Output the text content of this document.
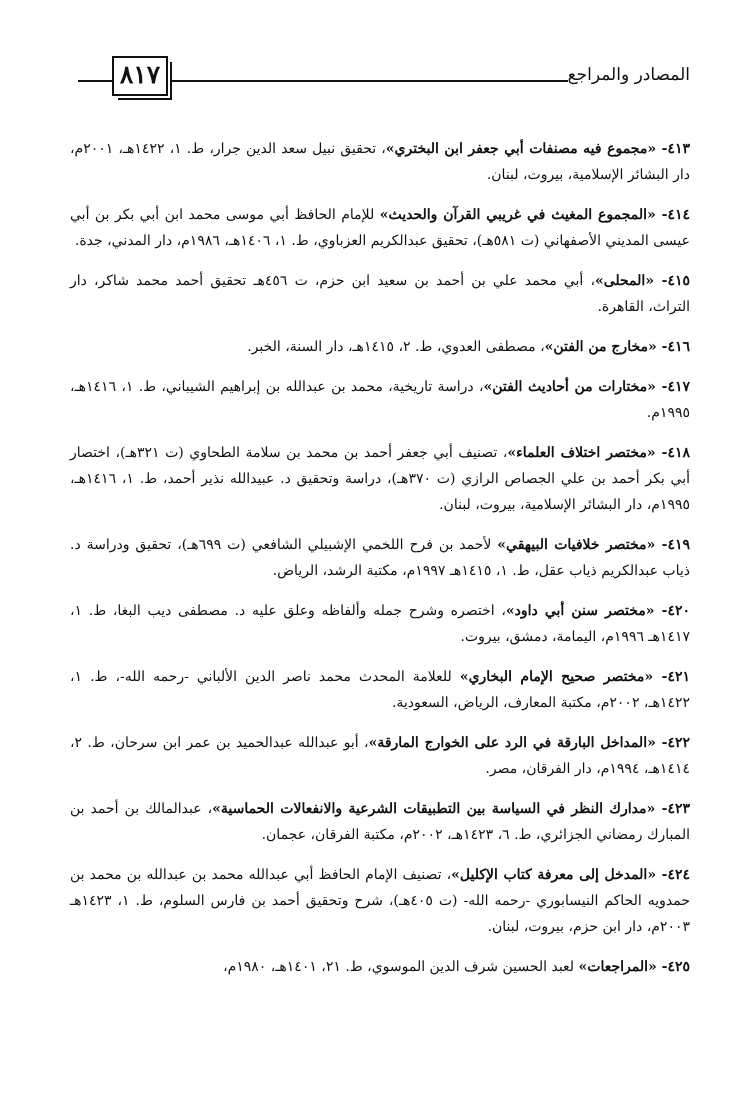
٨١٧	المصادر والمراجع

٤١٣- «مجموع فيه مصنفات أبي جعفر ابن البختري»، تحقيق نبيل سعد الدين جرار، ط. ١، ١٤٢٢هـ، ٢٠٠١م، دار البشائر الإسلامية، بيروت، لبنان.

٤١٤- «المجموع المغيث في غريبي القرآن والحديث» للإمام الحافظ أبي موسى محمد ابن أبي بكر بن أبي عيسى المديني الأصفهاني (ت ٥٨١هـ)، تحقيق عبدالكريم العزباوي، ط. ١، ١٤٠٦هـ، ١٩٨٦م، دار المدني، جدة.

٤١٥- «المحلى»، أبي محمد علي بن أحمد بن سعيد ابن حزم، ت ٤٥٦هـ تحقيق أحمد محمد شاكر، دار التراث، القاهرة.

٤١٦- «مخارج من الفتن»، مصطفى العدوي، ط. ٢، ١٤١٥هـ، دار السنة، الخبر.

٤١٧- «مختارات من أحاديث الفتن»، دراسة تاريخية، محمد بن عبدالله بن إبراهيم الشيباني، ط. ١، ١٤١٦هـ، ١٩٩٥م.

٤١٨- «مختصر اختلاف العلماء»، تصنيف أبي جعفر أحمد بن محمد بن سلامة الطحاوي (ت ٣٢١هـ)، اختصار أبي بكر أحمد بن علي الجصاص الرازي (ت ٣٧٠هـ)، دراسة وتحقيق د. عبيدالله نذير أحمد، ط. ١، ١٤١٦هـ، ١٩٩٥م، دار البشائر الإسلامية، بيروت، لبنان.

٤١٩- «مختصر خلافيات البيهقي» لأحمد بن فرح اللخمي الإشبيلي الشافعي (ت ٦٩٩هـ)، تحقيق ودراسة د. ذياب عبدالكريم ذياب عقل، ط. ١، ١٤١٥هـ ١٩٩٧م، مكتبة الرشد، الرياض.

٤٢٠- «مختصر سنن أبي داود»، اختصره وشرح جمله وألفاظه وعلق عليه د. مصطفى ديب البغا، ط. ١، ١٤١٧هـ ١٩٩٦م، اليمامة، دمشق، بيروت.

٤٢١- «مختصر صحيح الإمام البخاري» للعلامة المحدث محمد ناصر الدين الألباني -رحمه الله-، ط. ١، ١٤٢٢هـ، ٢٠٠٢م، مكتبة المعارف، الرياض، السعودية.

٤٢٢- «المداخل البارقة في الرد على الخوارج المارقة»، أبو عبدالله عبدالحميد بن عمر ابن سرحان، ط. ٢، ١٤١٤هـ، ١٩٩٤م، دار الفرقان، مصر.

٤٢٣- «مدارك النظر في السياسة بين التطبيقات الشرعية والانفعالات الحماسية»، عبدالمالك بن أحمد بن المبارك رمضاني الجزائري، ط. ٦، ١٤٢٣هـ، ٢٠٠٢م، مكتبة الفرقان، عجمان.

٤٢٤- «المدخل إلى معرفة كتاب الإكليل»، تصنيف الإمام الحافظ أبي عبدالله محمد بن عبدالله بن محمد بن حمدويه الحاكم النيسابوري -رحمه الله- (ت ٤٠٥هـ)، شرح وتحقيق أحمد بن فارس السلوم، ط. ١، ١٤٢٣هـ ٢٠٠٣م، دار ابن حزم، بيروت، لبنان.

٤٢٥- «المراجعات» لعبد الحسين شرف الدين الموسوي، ط. ٢١، ١٤٠١هـ، ١٩٨٠م،
